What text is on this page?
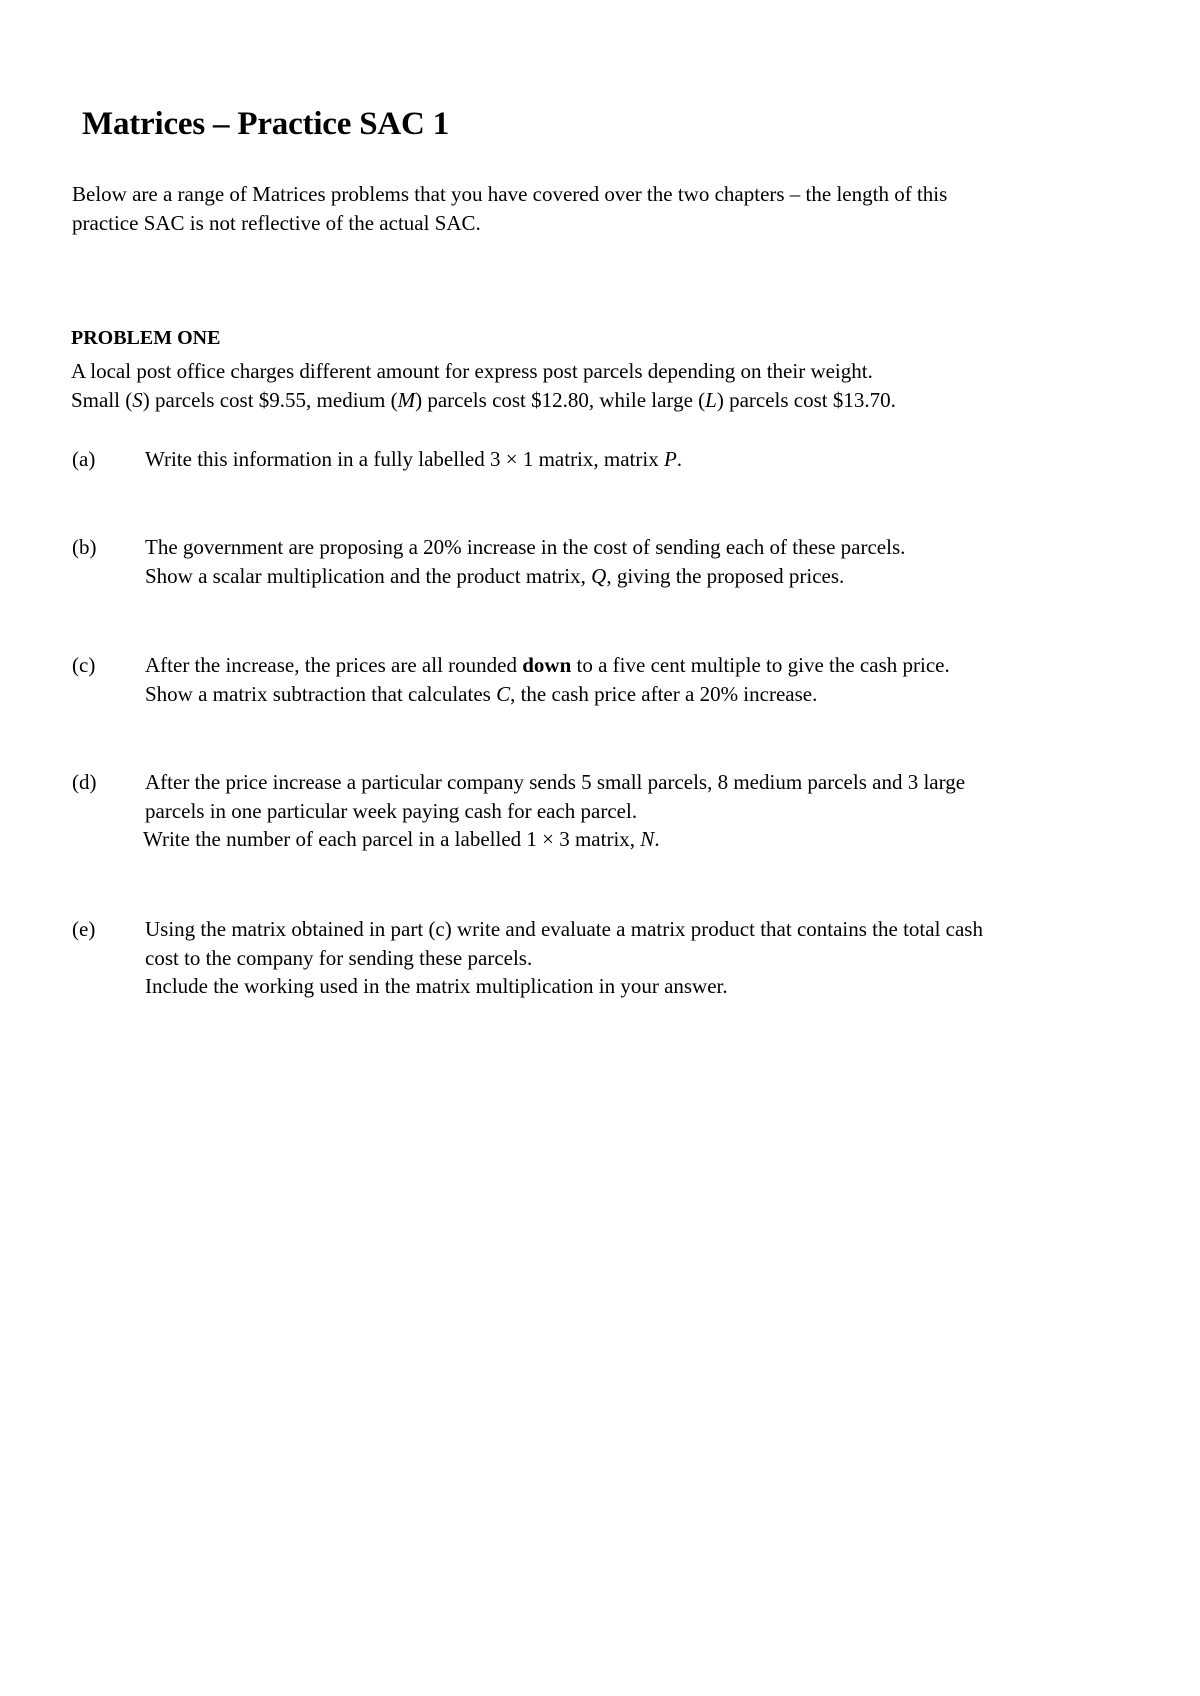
Matrices – Practice SAC 1

Below are a range of Matrices problems that you have covered over the two chapters – the length of this

practice SAC is not reflective of the actual SAC.

PROBLEM ONE

A local post office charges different amount for express post parcels depending on their weight.

Small (S) parcels cost $9.55, medium (M) parcels cost $12.80, while large (L) parcels cost $13.70.

(a)	Write this information in a fully labelled 3 × 1 matrix, matrix P.

(b)	The government are proposing a 20% increase in the cost of sending each of these parcels.

Show a scalar multiplication and the product matrix, Q, giving the proposed prices.

(c)	After the increase, the prices are all rounded down to a five cent multiple to give the cash price.

Show a matrix subtraction that calculates C, the cash price after a 20% increase.

(d)	After the price increase a particular company sends 5 small parcels, 8 medium parcels and 3 large

parcels in one particular week paying cash for each parcel.

Write the number of each parcel in a labelled 1 × 3 matrix, N.

(e)	Using the matrix obtained in part (c) write and evaluate a matrix product that contains the total cash

cost to the company for sending these parcels.

Include the working used in the matrix multiplication in your answer.
